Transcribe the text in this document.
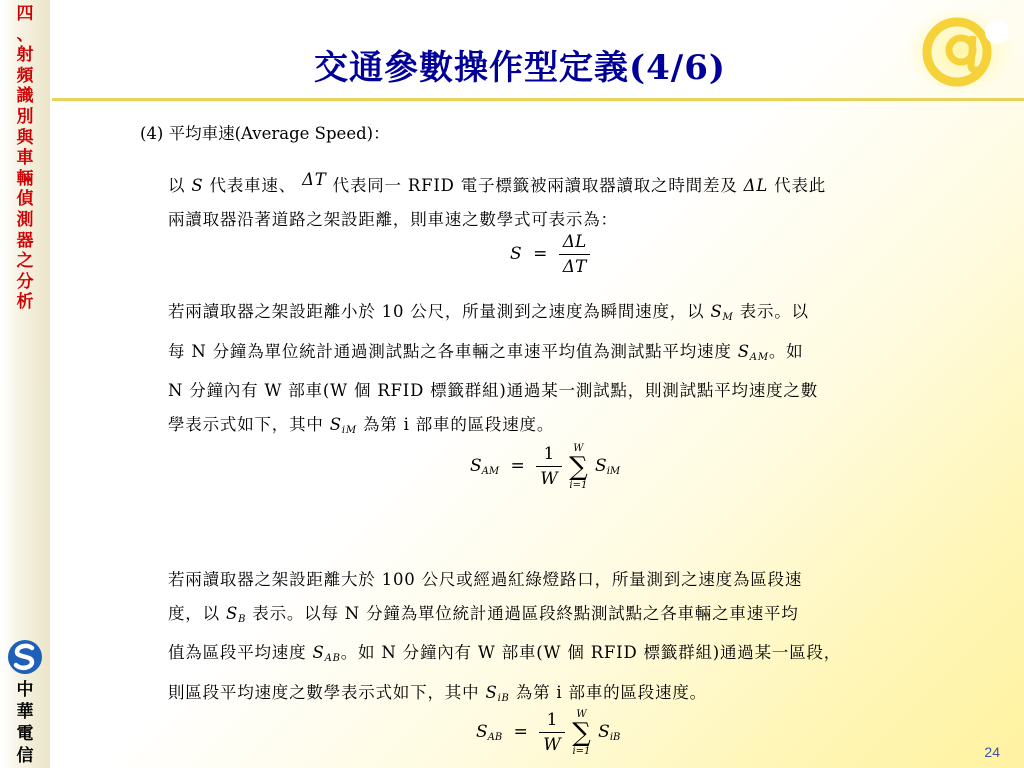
四
、
射
頻
識
別
與
車
輛
偵
測
器
之
分
析
中
華
電
信
交通參數操作型定義(4/6)
(4) 平均車速(Average Speed)：
以 S 代表車速、 ΔT 代表同一 RFID 電子標籤被兩讀取器讀取之時間差及 ΔL 代表此
兩讀取器沿著道路之架設距離，則車速之數學式可表示為：
$S = \frac{\Delta L}{\Delta T}$
若兩讀取器之架設距離小於 10 公尺，所量測到之速度為瞬間速度，以 $S_M$ 表示。以
每 N 分鐘為單位統計通過測試點之各車輛之車速平均值為測試點平均速度 $S_{AM}$。如
N 分鐘內有 W 部車(W 個 RFID 標籤群組)通過某一測試點，則測試點平均速度之數
學表示式如下，其中 $S_{iM}$ 為第 i 部車的區段速度。
$S_{AM} = \frac{1}{W}$
	W
∑
i=1
$S_{iM}$
若兩讀取器之架設距離大於 100 公尺或經過紅綠燈路口，所量測到之速度為區段速
度，以 $S_B$ 表示。以每 N 分鐘為單位統計通過區段終點測試點之各車輛之車速平均
值為區段平均速度 $S_{AB}$。如 N 分鐘內有 W 部車(W 個 RFID 標籤群組)通過某一區段，
則區段平均速度之數學表示式如下，其中 $S_{iB}$ 為第 i 部車的區段速度。
$S_{AB} = \frac{1}{W}$
	W
∑
i=1
$S_{iB}$
24
